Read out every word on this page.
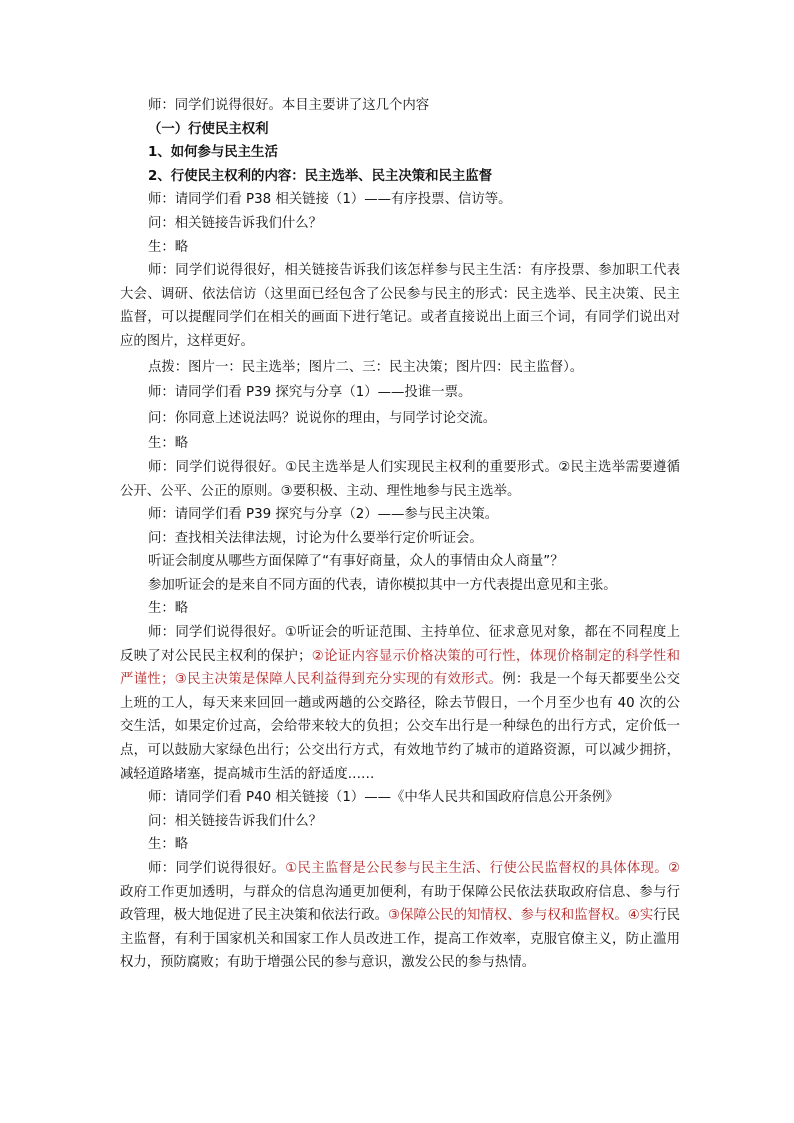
师：同学们说得很好。本目主要讲了这几个内容

（一）行使民主权利

1、如何参与民主生活

2、行使民主权利的内容：民主选举、民主决策和民主监督

师：请同学们看 P38 相关链接（1）——有序投票、信访等。

问：相关链接告诉我们什么？

生：略

师：同学们说得很好，相关链接告诉我们该怎样参与民主生活：有序投票、参加职工代表大会、调研、依法信访（这里面已经包含了公民参与民主的形式：民主选举、民主决策、民主监督，可以提醒同学们在相关的画面下进行笔记。或者直接说出上面三个词，有同学们说出对应的图片，这样更好。

点拨：图片一：民主选举；图片二、三：民主决策；图片四：民主监督）。

师：请同学们看 P39 探究与分享（1）——投谁一票。

问：你同意上述说法吗？说说你的理由，与同学讨论交流。

生：略

师：同学们说得很好。①民主选举是人们实现民主权利的重要形式。②民主选举需要遵循公开、公平、公正的原则。③要积极、主动、理性地参与民主选举。

师：请同学们看 P39 探究与分享（2）——参与民主决策。

问：查找相关法律法规，讨论为什么要举行定价听证会。

听证会制度从哪些方面保障了“有事好商量，众人的事情由众人商量”？

参加听证会的是来自不同方面的代表，请你模拟其中一方代表提出意见和主张。

生：略

师：同学们说得很好。①听证会的听证范围、主持单位、征求意见对象，都在不同程度上反映了对公民民主权利的保护；②论证内容显示价格决策的可行性，体现价格制定的科学性和严谨性；③民主决策是保障人民利益得到充分实现的有效形式。例：我是一个每天都要坐公交上班的工人，每天来来回回一趟或两趟的公交路径，除去节假日，一个月至少也有 40 次的公交生活，如果定价过高，会给带来较大的负担；公交车出行是一种绿色的出行方式，定价低一点，可以鼓励大家绿色出行；公交出行方式，有效地节约了城市的道路资源，可以减少拥挤，减轻道路堵塞，提高城市生活的舒适度……

师：请同学们看 P40 相关链接（1）——《中华人民共和国政府信息公开条例》

问：相关链接告诉我们什么？

生：略

师：同学们说得很好。①民主监督是公民参与民主生活、行使公民监督权的具体体现。②政府工作更加透明，与群众的信息沟通更加便利，有助于保障公民依法获取政府信息、参与行政管理，极大地促进了民主决策和依法行政。③保障公民的知情权、参与权和监督权。④实行民主监督，有利于国家机关和国家工作人员改进工作，提高工作效率，克服官僚主义，防止滥用权力，预防腐败；有助于增强公民的参与意识，激发公民的参与热情。
